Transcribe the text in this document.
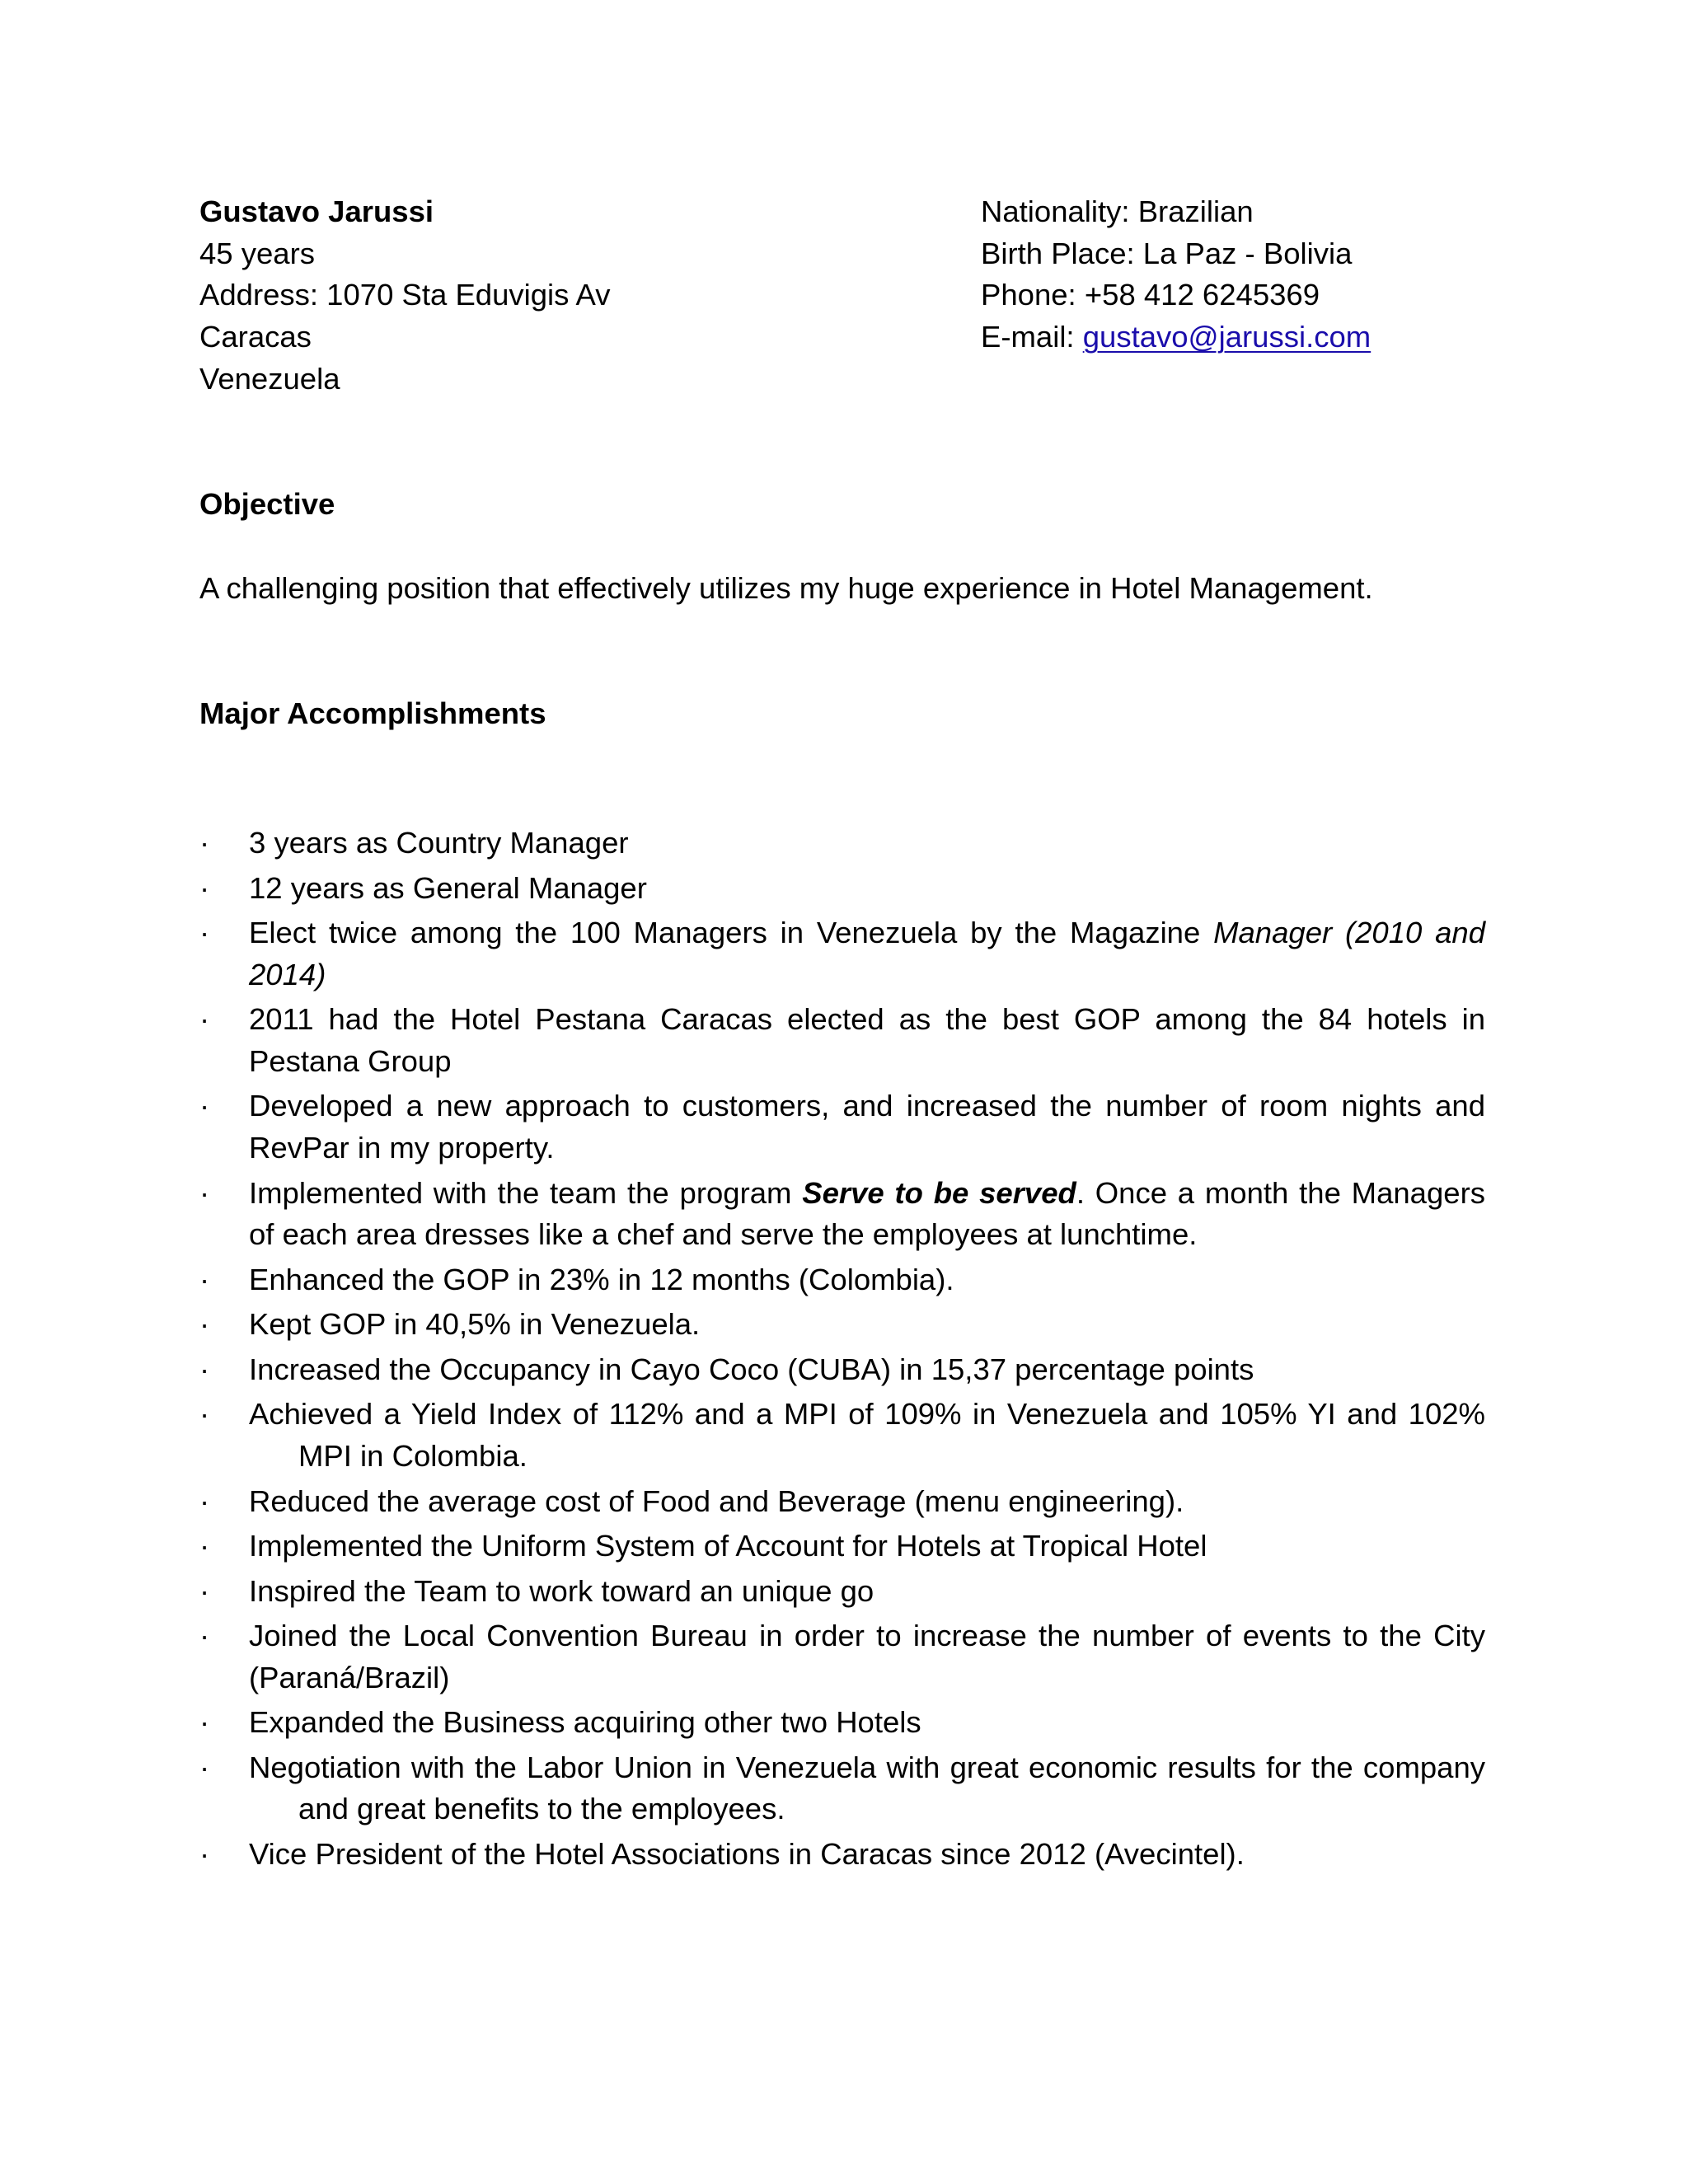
Gustavo Jarussi
45 years
Address: 1070 Sta Eduvigis Av
Caracas
Venezuela
Nationality: Brazilian
Birth Place: La Paz - Bolivia
Phone: +58 412 6245369
E-mail: gustavo@jarussi.com
Objective
A challenging position that effectively utilizes my huge experience in Hotel Management.
Major Accomplishments
· 3 years as Country Manager
· 12 years as General Manager
· Elect twice among the 100 Managers in Venezuela by the Magazine Manager (2010 and 2014)
· 2011 had the Hotel Pestana Caracas elected as the best GOP among the 84 hotels in Pestana Group
· Developed a new approach to customers, and increased the number of room nights and RevPar in my property.
· Implemented with the team the program Serve to be served. Once a month the Managers of each area dresses like a chef and serve the employees at lunchtime.
· Enhanced the GOP in 23% in 12 months (Colombia).
· Kept GOP in 40,5% in Venezuela.
· Increased the Occupancy in Cayo Coco (CUBA) in 15,37 percentage points
· Achieved a Yield Index of 112% and a MPI of 109% in Venezuela and 105% YI and 102%
MPI in Colombia.
· Reduced the average cost of Food and Beverage (menu engineering).
· Implemented the Uniform System of Account for Hotels at Tropical Hotel
· Inspired the Team to work toward an unique go
· Joined the Local Convention Bureau in order to increase the number of events to the City (Paraná/Brazil)
· Expanded the Business acquiring other two Hotels
· Negotiation with the Labor Union in Venezuela with great economic results for the company
and great benefits to the employees.
· Vice President of the Hotel Associations in Caracas since 2012 (Avecintel).
